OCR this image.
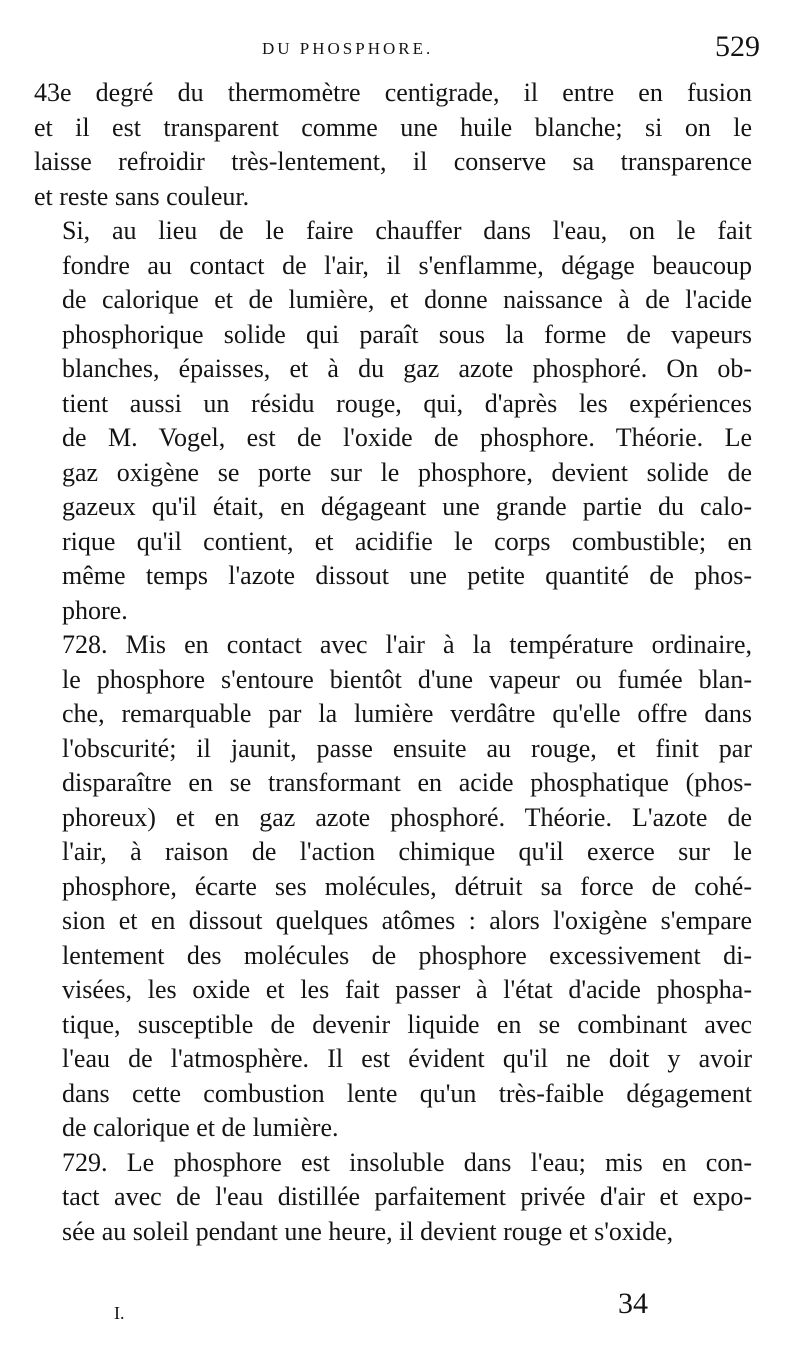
DU PHOSPHORE.	529

43e degré du thermomètre centigrade, il entre en fusion
et il est transparent comme une huile blanche; si on le
laisse refroidir très-lentement, il conserve sa transparence
et reste sans couleur.

Si, au lieu de le faire chauffer dans l'eau, on le fait
fondre au contact de l'air, il s'enflamme, dégage beaucoup
de calorique et de lumière, et donne naissance à de l'acide
phosphorique solide qui paraît sous la forme de vapeurs
blanches, épaisses, et à du gaz azote phosphoré. On ob-
tient aussi un résidu rouge, qui, d'après les expériences
de M. Vogel, est de l'oxide de phosphore. Théorie. Le
gaz oxigène se porte sur le phosphore, devient solide de
gazeux qu'il était, en dégageant une grande partie du calo-
rique qu'il contient, et acidifie le corps combustible; en
même temps l'azote dissout une petite quantité de phos-
phore.

728. Mis en contact avec l'air à la température ordinaire,
le phosphore s'entoure bientôt d'une vapeur ou fumée blan-
che, remarquable par la lumière verdâtre qu'elle offre dans
l'obscurité; il jaunit, passe ensuite au rouge, et finit par
disparaître en se transformant en acide phosphatique (phos-
phoreux) et en gaz azote phosphoré. Théorie. L'azote de
l'air, à raison de l'action chimique qu'il exerce sur le
phosphore, écarte ses molécules, détruit sa force de cohé-
sion et en dissout quelques atômes : alors l'oxigène s'empare
lentement des molécules de phosphore excessivement di-
visées, les oxide et les fait passer à l'état d'acide phospha-
tique, susceptible de devenir liquide en se combinant avec
l'eau de l'atmosphère. Il est évident qu'il ne doit y avoir
dans cette combustion lente qu'un très-faible dégagement
de calorique et de lumière.

729. Le phosphore est insoluble dans l'eau; mis en con-
tact avec de l'eau distillée parfaitement privée d'air et expo-
sée au soleil pendant une heure, il devient rouge et s'oxide,

I.	34
